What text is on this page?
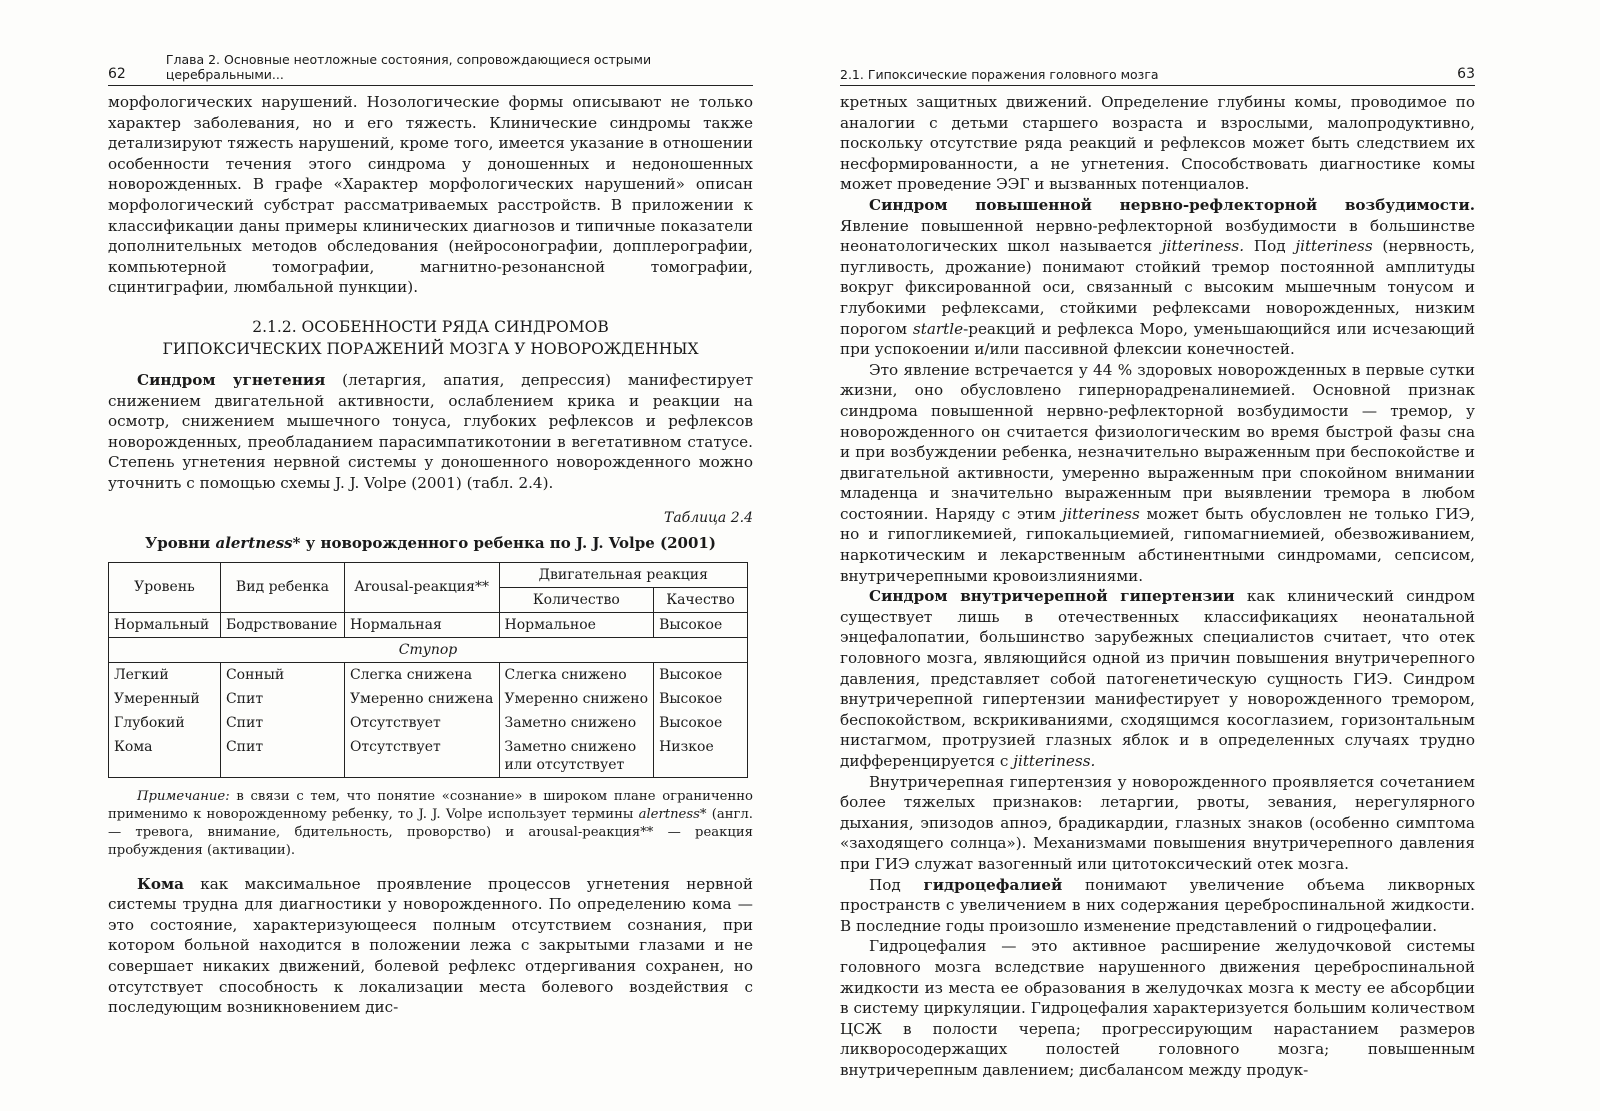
62
Глава 2. Основные неотложные состояния, сопровождающиеся острыми церебральными...

морфологических нарушений. Нозологические формы описывают не только характер заболевания, но и его тяжесть. Клинические синдромы также детализируют тяжесть нарушений, кроме того, имеется указание в отношении особенности течения этого синдрома у доношенных и недоношенных новорожденных. В графе «Характер морфологических нарушений» описан морфологический субстрат рассматриваемых расстройств. В приложении к классификации даны примеры клинических диагнозов и типичные показатели дополнительных методов обследования (нейросонографии, допплерографии, компьютерной томографии, магнитно-резонансной томографии, сцинтиграфии, люмбальной пункции).

2.1.2. ОСОБЕННОСТИ РЯДА СИНДРОМОВ
ГИПОКСИЧЕСКИХ ПОРАЖЕНИЙ МОЗГА У НОВОРОЖДЕННЫХ

Синдром угнетения (летаргия, апатия, депрессия) манифестирует снижением двигательной активности, ослаблением крика и реакции на осмотр, снижением мышечного тонуса, глубоких рефлексов и рефлексов новорожденных, преобладанием парасимпатикотонии в вегетативном статусе. Степень угнетения нервной системы у доношенного новорожденного можно уточнить с помощью схемы J. J. Volpe (2001) (табл. 2.4).

Таблица 2.4
Уровни alertness* у новорожденного ребенка по J. J. Volpe (2001)
Уровень	Вид ребенка	Arousal-реакция**	Двигательная реакция	
			Количество	Качество
Нормальный	Бодрствование	Нормальная	Нормальное	Высокое
Ступор				
Легкий	Сонный	Слегка снижена	Слегка снижено	Высокое
Умеренный	Спит	Умеренно снижена	Умеренно снижено	Высокое
Глубокий	Спит	Отсутствует	Заметно снижено	Высокое
Кома	Спит	Отсутствует	Заметно снижено или отсутствует	Низкое

Примечание: в связи с тем, что понятие «сознание» в широком плане ограниченно применимо к новорожденному ребенку, то J. J. Volpe использует термины alertness* (англ. — тревога, внимание, бдительность, проворство) и arousal-реакция** — реакция пробуждения (активации).

Кома как максимальное проявление процессов угнетения нервной системы трудна для диагностики у новорожденного. По определению кома — это состояние, характеризующееся полным отсутствием сознания, при котором больной находится в положении лежа с закрытыми глазами и не совершает никаких движений, болевой рефлекс отдергивания сохранен, но отсутствует способность к локализации места болевого воздействия с последующим возникновением дис-

2.1. Гипоксические поражения головного мозга	63

кретных защитных движений. Определение глубины комы, проводимое по аналогии с детьми старшего возраста и взрослыми, малопродуктивно, поскольку отсутствие ряда реакций и рефлексов может быть следствием их несформированности, а не угнетения. Способствовать диагностике комы может проведение ЭЭГ и вызванных потенциалов.

Синдром повышенной нервно-рефлекторной возбудимости. Явление повышенной нервно-рефлекторной возбудимости в большинстве неонатологических школ называется jitteriness. Под jitteriness (нервность, пугливость, дрожание) понимают стойкий тремор постоянной амплитуды вокруг фиксированной оси, связанный с высоким мышечным тонусом и глубокими рефлексами, стойкими рефлексами новорожденных, низким порогом startle-реакций и рефлекса Моро, уменьшающийся или исчезающий при успокоении и/или пассивной флексии конечностей.

Это явление встречается у 44 % здоровых новорожденных в первые сутки жизни, оно обусловлено гипернорадреналинемией. Основной признак синдрома повышенной нервно-рефлекторной возбудимости — тремор, у новорожденного он считается физиологическим во время быстрой фазы сна и при возбуждении ребенка, незначительно выраженным при беспокойстве и двигательной активности, умеренно выраженным при спокойном внимании младенца и значительно выраженным при выявлении тремора в любом состоянии. Наряду с этим jitteriness может быть обусловлен не только ГИЭ, но и гипогликемией, гипокальциемией, гипомагниемией, обезвоживанием, наркотическим и лекарственным абстинентными синдромами, сепсисом, внутричерепными кровоизлияниями.

Синдром внутричерепной гипертензии как клинический синдром существует лишь в отечественных классификациях неонатальной энцефалопатии, большинство зарубежных специалистов считает, что отек головного мозга, являющийся одной из причин повышения внутричерепного давления, представляет собой патогенетическую сущность ГИЭ. Синдром внутричерепной гипертензии манифестирует у новорожденного тремором, беспокойством, вскрикиваниями, сходящимся косоглазием, горизонтальным нистагмом, протрузией глазных яблок и в определенных случаях трудно дифференцируется с jitteriness.

Внутричерепная гипертензия у новорожденного проявляется сочетанием более тяжелых признаков: летаргии, рвоты, зевания, нерегулярного дыхания, эпизодов апноэ, брадикардии, глазных знаков (особенно симптома «заходящего солнца»). Механизмами повышения внутричерепного давления при ГИЭ служат вазогенный или цитотоксический отек мозга.

Под гидроцефалией понимают увеличение объема ликворных пространств с увеличением в них содержания цереброспинальной жидкости. В последние годы произошло изменение представлений о гидроцефалии.

Гидроцефалия — это активное расширение желудочковой системы головного мозга вследствие нарушенного движения цереброспинальной жидкости из места ее образования в желудочках мозга к месту ее абсорбции в систему циркуляции. Гидроцефалия характеризуется большим количеством ЦСЖ в полости черепа; прогрессирующим нарастанием размеров ликворосодержащих полостей головного мозга; повышенным внутричерепным давлением; дисбалансом между продук-
